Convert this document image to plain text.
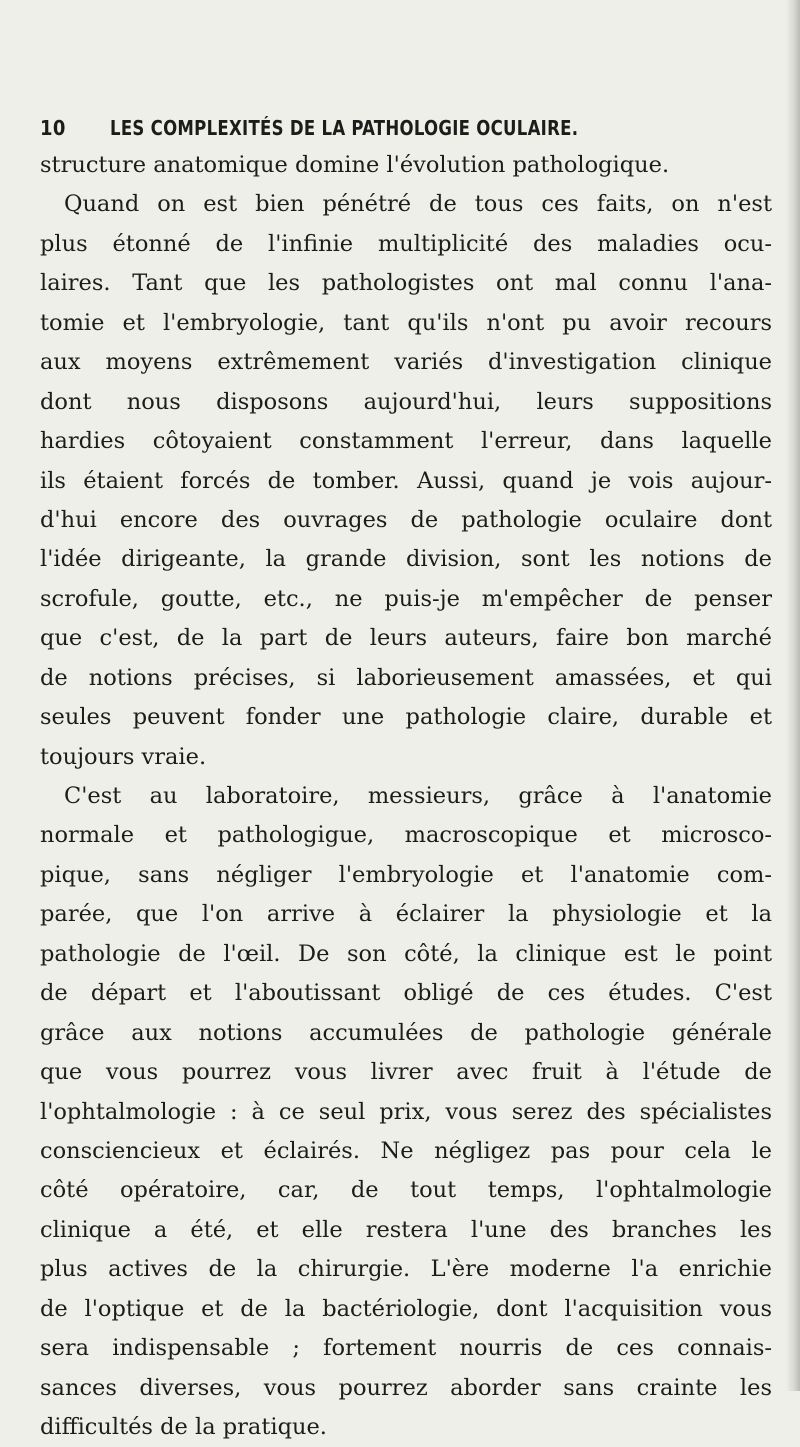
10 LES COMPLEXITÉS DE LA PATHOLOGIE OCULAIRE.
structure anatomique domine l'évolution pathologique.
Quand on est bien pénétré de tous ces faits, on n'est
plus étonné de l'infinie multiplicité des maladies ocu-
laires. Tant que les pathologistes ont mal connu l'ana-
tomie et l'embryologie, tant qu'ils n'ont pu avoir recours
aux moyens extrêmement variés d'investigation clinique
dont nous disposons aujourd'hui, leurs suppositions
hardies côtoyaient constamment l'erreur, dans laquelle
ils étaient forcés de tomber. Aussi, quand je vois aujour-
d'hui encore des ouvrages de pathologie oculaire dont
l'idée dirigeante, la grande division, sont les notions de
scrofule, goutte, etc., ne puis-je m'empêcher de penser
que c'est, de la part de leurs auteurs, faire bon marché
de notions précises, si laborieusement amassées, et qui
seules peuvent fonder une pathologie claire, durable et
toujours vraie.
C'est au laboratoire, messieurs, grâce à l'anatomie
normale et pathologigue, macroscopique et microsco-
pique, sans négliger l'embryologie et l'anatomie com-
parée, que l'on arrive à éclairer la physiologie et la
pathologie de l'œil. De son côté, la clinique est le point
de départ et l'aboutissant obligé de ces études. C'est
grâce aux notions accumulées de pathologie générale
que vous pourrez vous livrer avec fruit à l'étude de
l'ophtalmologie : à ce seul prix, vous serez des spécialistes
consciencieux et éclairés. Ne négligez pas pour cela le
côté opératoire, car, de tout temps, l'ophtalmologie
clinique a été, et elle restera l'une des branches les
plus actives de la chirurgie. L'ère moderne l'a enrichie
de l'optique et de la bactériologie, dont l'acquisition vous
sera indispensable ; fortement nourris de ces connais-
sances diverses, vous pourrez aborder sans crainte les
difficultés de la pratique.
